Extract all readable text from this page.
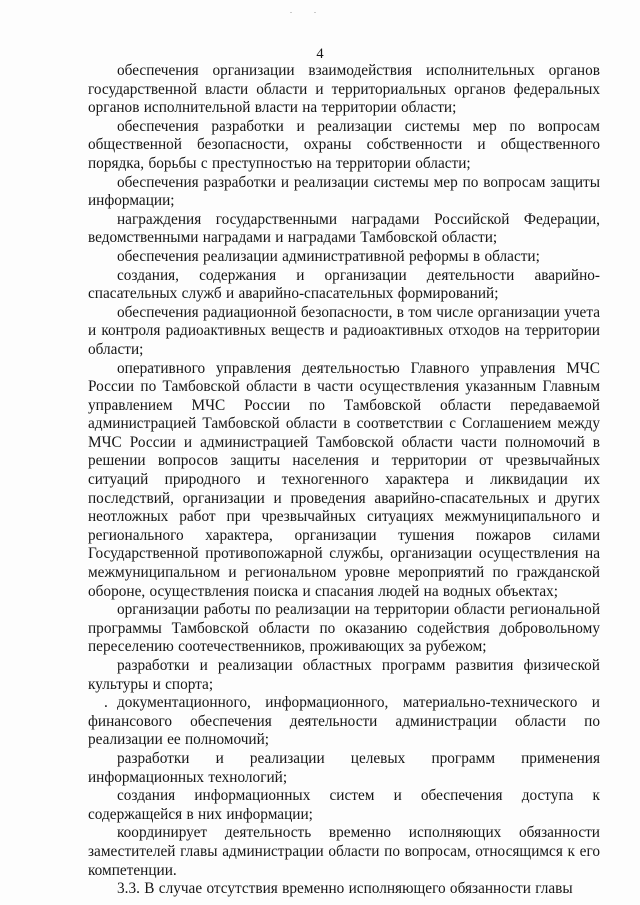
. .
4

обеспечения организации взаимодействия исполнительных органов государственной власти области и территориальных органов федеральных органов исполнительной власти на территории области;

обеспечения разработки и реализации системы мер по вопросам общественной безопасности, охраны собственности и общественного порядка, борьбы с преступностью на территории области;

обеспечения разработки и реализации системы мер по вопросам защиты информации;

награждения государственными наградами Российской Федерации, ведомственными наградами и наградами Тамбовской области;

обеспечения реализации административной реформы в области;

создания, содержания и организации деятельности аварийно-спасательных служб и аварийно-спасательных формирований;

обеспечения радиационной безопасности, в том числе организации учета и контроля радиоактивных веществ и радиоактивных отходов на территории области;

оперативного управления деятельностью Главного управления МЧС России по Тамбовской области в части осуществления указанным Главным управлением МЧС России по Тамбовской области передаваемой администрацией Тамбовской области в соответствии с Соглашением между МЧС России и администрацией Тамбовской области части полномочий в решении вопросов защиты населения и территории от чрезвычайных ситуаций природного и техногенного характера и ликвидации их последствий, организации и проведения аварийно-спасательных и других неотложных работ при чрезвычайных ситуациях межмуниципального и регионального характера, организации тушения пожаров силами Государственной противопожарной службы, организации осуществления на межмуниципальном и региональном уровне мероприятий по гражданской обороне, осуществления поиска и спасания людей на водных объектах;

организации работы по реализации на территории области региональной программы Тамбовской области по оказанию содействия добровольному переселению соотечественников, проживающих за рубежом;

разработки и реализации областных программ развития физической культуры и спорта;

. документационного, информационного, материально-технического и финансового обеспечения деятельности администрации области по реализации ее полномочий;

разработки и реализации целевых программ применения информационных технологий;

создания информационных систем и обеспечения доступа к содержащейся в них информации;

координирует деятельность временно исполняющих обязанности заместителей главы администрации области по вопросам, относящимся к его компетенции.

3.3. В случае отсутствия временно исполняющего обязанности главы
